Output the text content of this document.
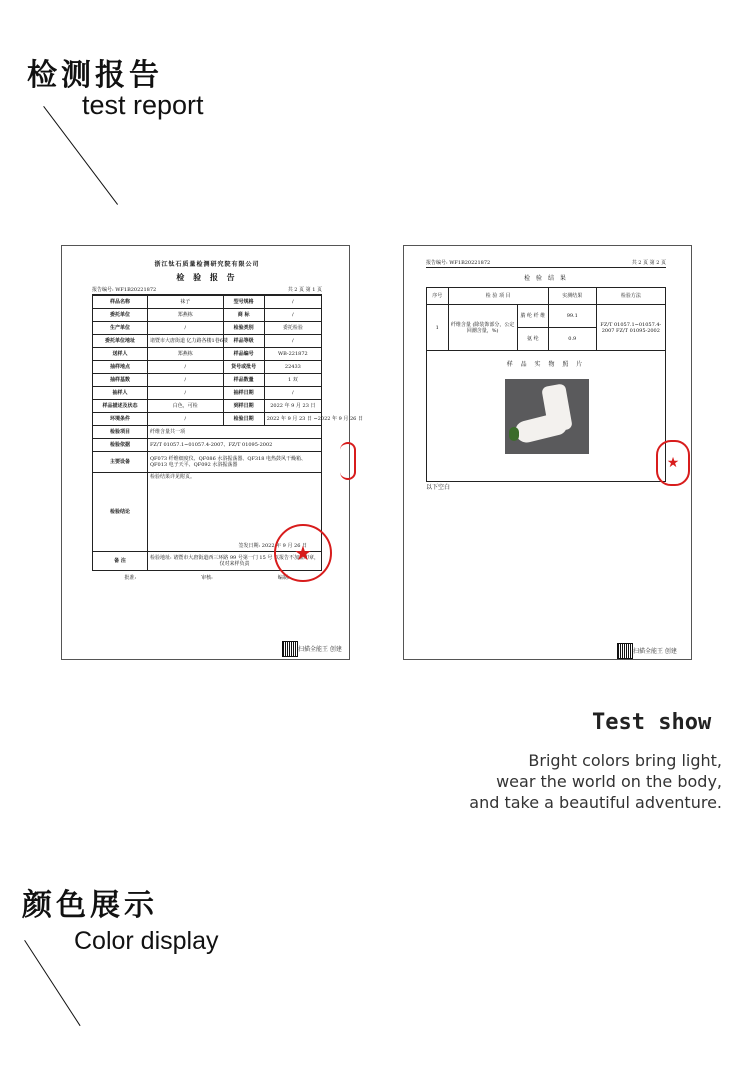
检测报告
test report
浙江钛石质量检测研究院有限公司
检 验 报 告
报告编号: WF1B20221872	共 2 页 第 1 页
样品名称	袜子	型号规格	/
委托单位	郑燕栋	商 标	/
生产单位	/	检验类别	委托检验
委托单位地址	诸暨市大唐街道 亿力路各楼1巷6楼	样品等级	/
送样人	郑燕栋	样品编号	WB-221872
抽样地点	/	货号或批号	22433
抽样基数	/	样品数量	1 双
抽样人	/	抽样日期	/
样品描述及状态	白色，可检	到样日期	2022 年 9 月 23 日
环境条件	/	检验日期	2022 年 9 月 23 日 ~2022 年 9 月 26 日
检验项目	纤维含量共一项		
检验依据	FZ/T 01057.1~01057.4-2007、FZ/T 01095-2002		
主要设备	QF073 纤维细度仪、QF086 水浴振荡器、QF318 电热鼓风干燥箱、QF013 电子天平、QF092 水浴振荡器		
检验结论	检验结果详见附页。
签发日期: 2022 年 9 月 26 日		

备 注	检验地址: 诸暨市大唐街道西三环路 99 号第一门 15 号 以报告不加盖印章，仅对来样负责		
批准:	审核:	编制:
★
扫描全能王 创建
报告编号: WF1B20221872	共 2 页 第 2 页
检 验 结 果
序号	检 验 项 目		实测结果	检验方法
1	纤维含量 (除装饰部分，公定回潮含量，%)	腈 纶 纤 维	99.1	FZ/T 01057.1~01057.4-2007 FZ/T 01095-2002
		氨 纶	0.9	
样 品 实 物 照 片
以下空白
★
扫描全能王 创建
Test show
Bright colors bring light,
wear the world on the body,
and take a beautiful adventure.
颜色展示
Color display
